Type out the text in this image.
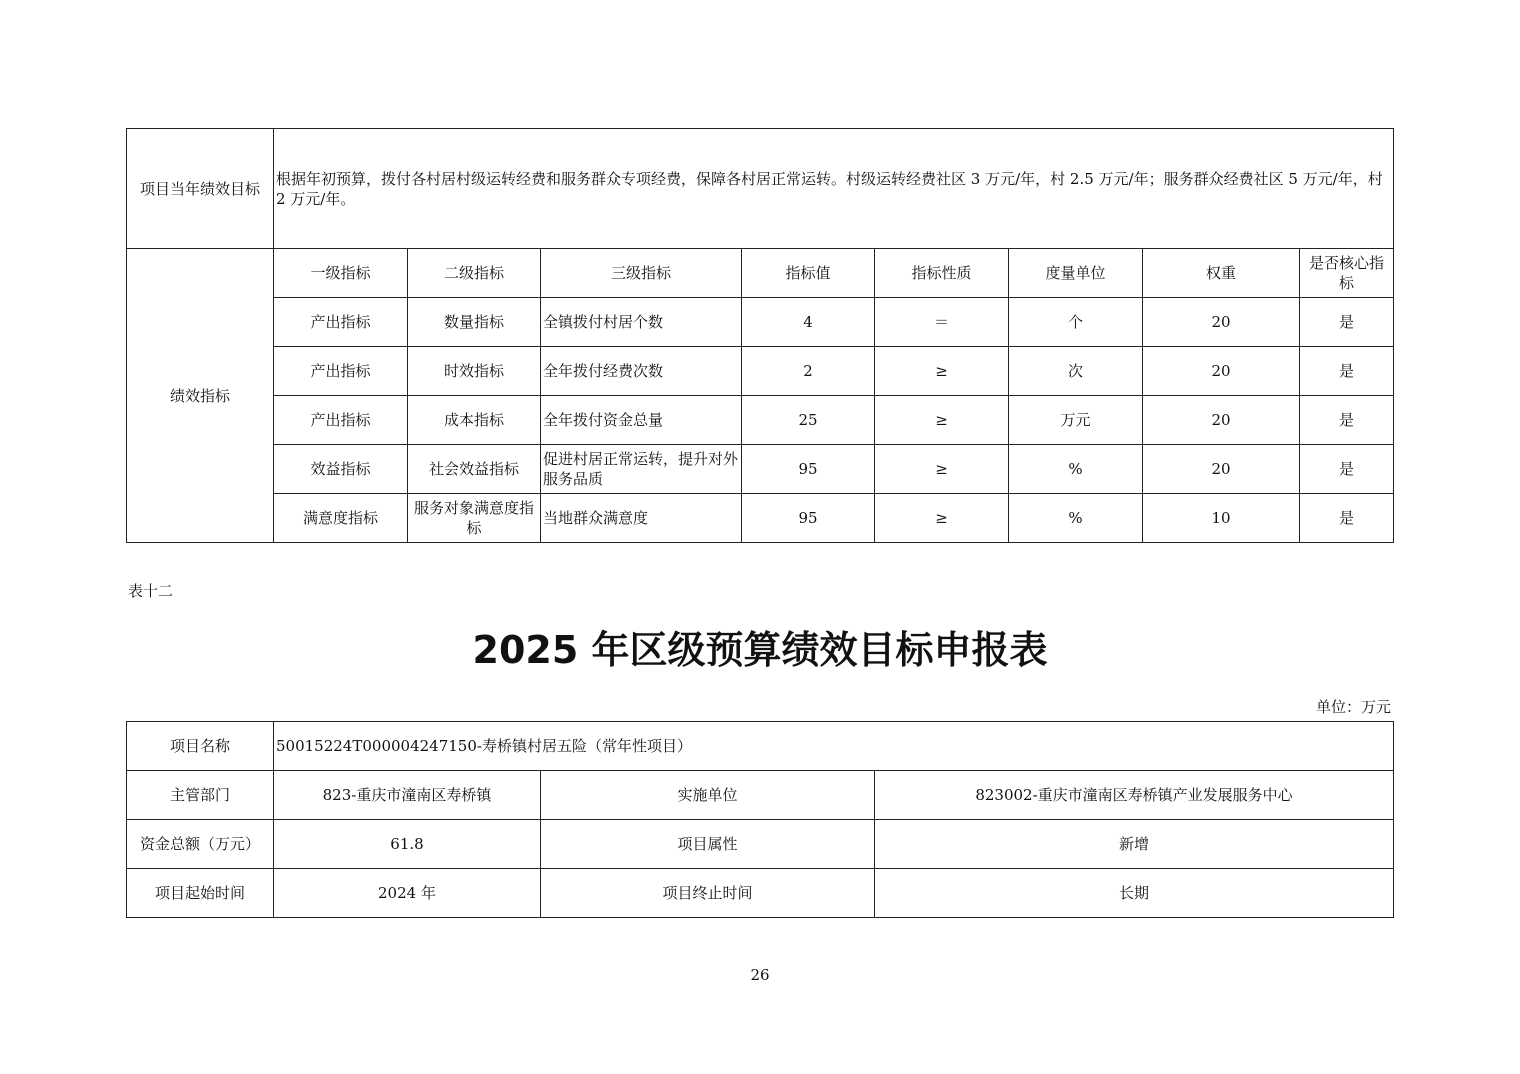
项目当年绩效目标	根据年初预算，拨付各村居村级运转经费和服务群众专项经费，保障各村居正常运转。村级运转经费社区 3 万元/年，村 2.5 万元/年；服务群众经费社区 5 万元/年，村 2 万元/年。							
绩效指标	一级指标	二级指标	三级指标	指标值	指标性质	度量单位	权重	是否核心指标
	产出指标	数量指标	全镇拨付村居个数	4	＝	个	20	是
	产出指标	时效指标	全年拨付经费次数	2	≥	次	20	是
	产出指标	成本指标	全年拨付资金总量	25	≥	万元	20	是
	效益指标	社会效益指标	促进村居正常运转，提升对外服务品质	95	≥	%	20	是
	满意度指标	服务对象满意度指标	当地群众满意度	95	≥	%	10	是
表十二
2025 年区级预算绩效目标申报表
单位：万元
项目名称	50015224T000004247150-寿桥镇村居五险（常年性项目）		
主管部门	823-重庆市潼南区寿桥镇	实施单位	823002-重庆市潼南区寿桥镇产业发展服务中心
资金总额（万元）	61.8	项目属性	新增
项目起始时间	2024 年	项目终止时间	长期
26
